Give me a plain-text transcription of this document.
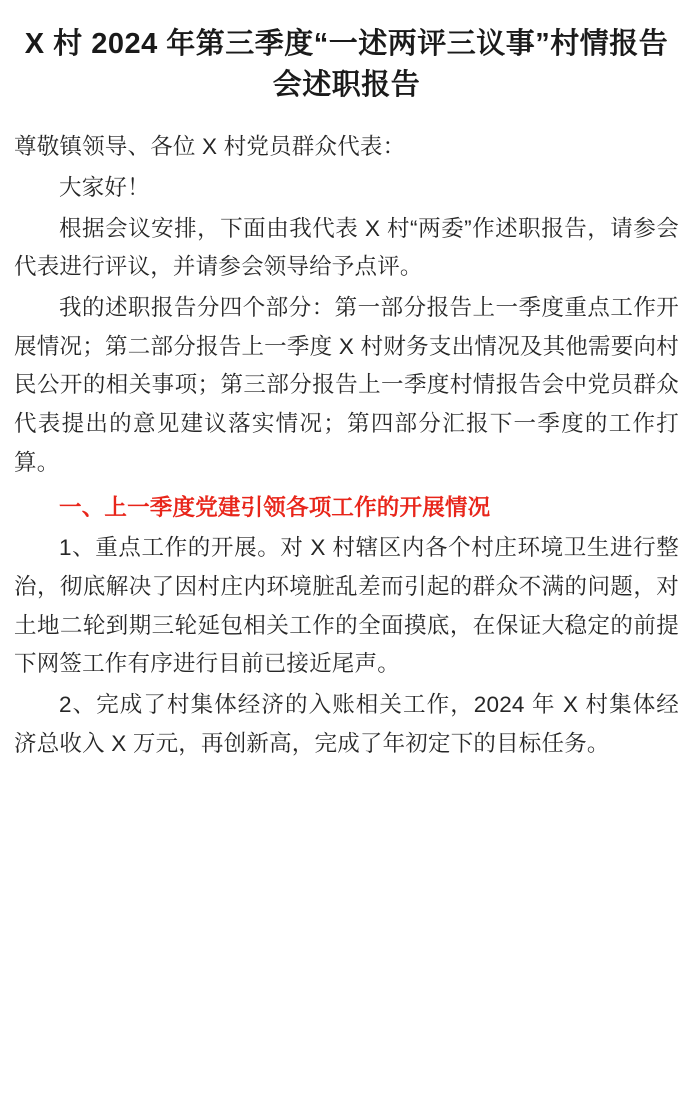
X 村 2024 年第三季度“一述两评三议事”村情报告会述职报告

尊敬镇领导、各位 X 村党员群众代表：

大家好！

根据会议安排，下面由我代表 X 村“两委”作述职报告，请参会代表进行评议，并请参会领导给予点评。

我的述职报告分四个部分：第一部分报告上一季度重点工作开展情况；第二部分报告上一季度 X 村财务支出情况及其他需要向村民公开的相关事项；第三部分报告上一季度村情报告会中党员群众代表提出的意见建议落实情况；第四部分汇报下一季度的工作打算。

一、上一季度党建引领各项工作的开展情况

1、重点工作的开展。对 X 村辖区内各个村庄环境卫生进行整治，彻底解决了因村庄内环境脏乱差而引起的群众不满的问题，对土地二轮到期三轮延包相关工作的全面摸底，在保证大稳定的前提下网签工作有序进行目前已接近尾声。

2、完成了村集体经济的入账相关工作，2024 年 X 村集体经济总收入 X 万元，再创新高，完成了年初定下的目标任务。
